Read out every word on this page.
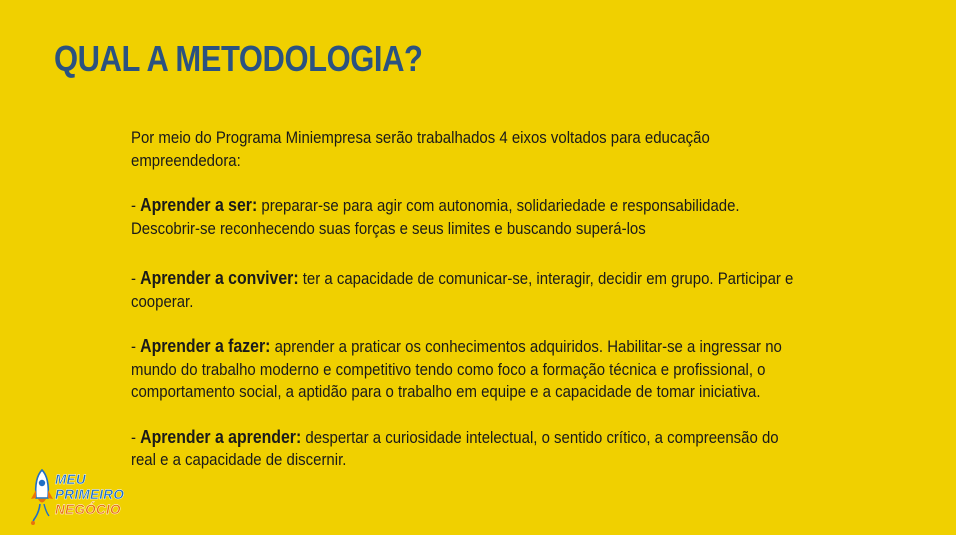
QUAL A METODOLOGIA?

Por meio do Programa Miniempresa serão trabalhados 4 eixos voltados para educação empreendedora:

- Aprender a ser: preparar-se para agir com autonomia, solidariedade e responsabilidade. Descobrir-se reconhecendo suas forças e seus limites e buscando superá-los

- Aprender a conviver: ter a capacidade de comunicar-se, interagir, decidir em grupo. Participar e cooperar.

- Aprender a fazer: aprender a praticar os conhecimentos adquiridos. Habilitar-se a ingressar no mundo do trabalho moderno e competitivo tendo como foco a formação técnica e profissional, o comportamento social, a aptidão para o trabalho em equipe e a capacidade de tomar iniciativa.

- Aprender a aprender: despertar a curiosidade intelectual, o sentido crítico, a compreensão do real e a capacidade de discernir.

MEU
PRIMEIRO
NEGÓCIO
